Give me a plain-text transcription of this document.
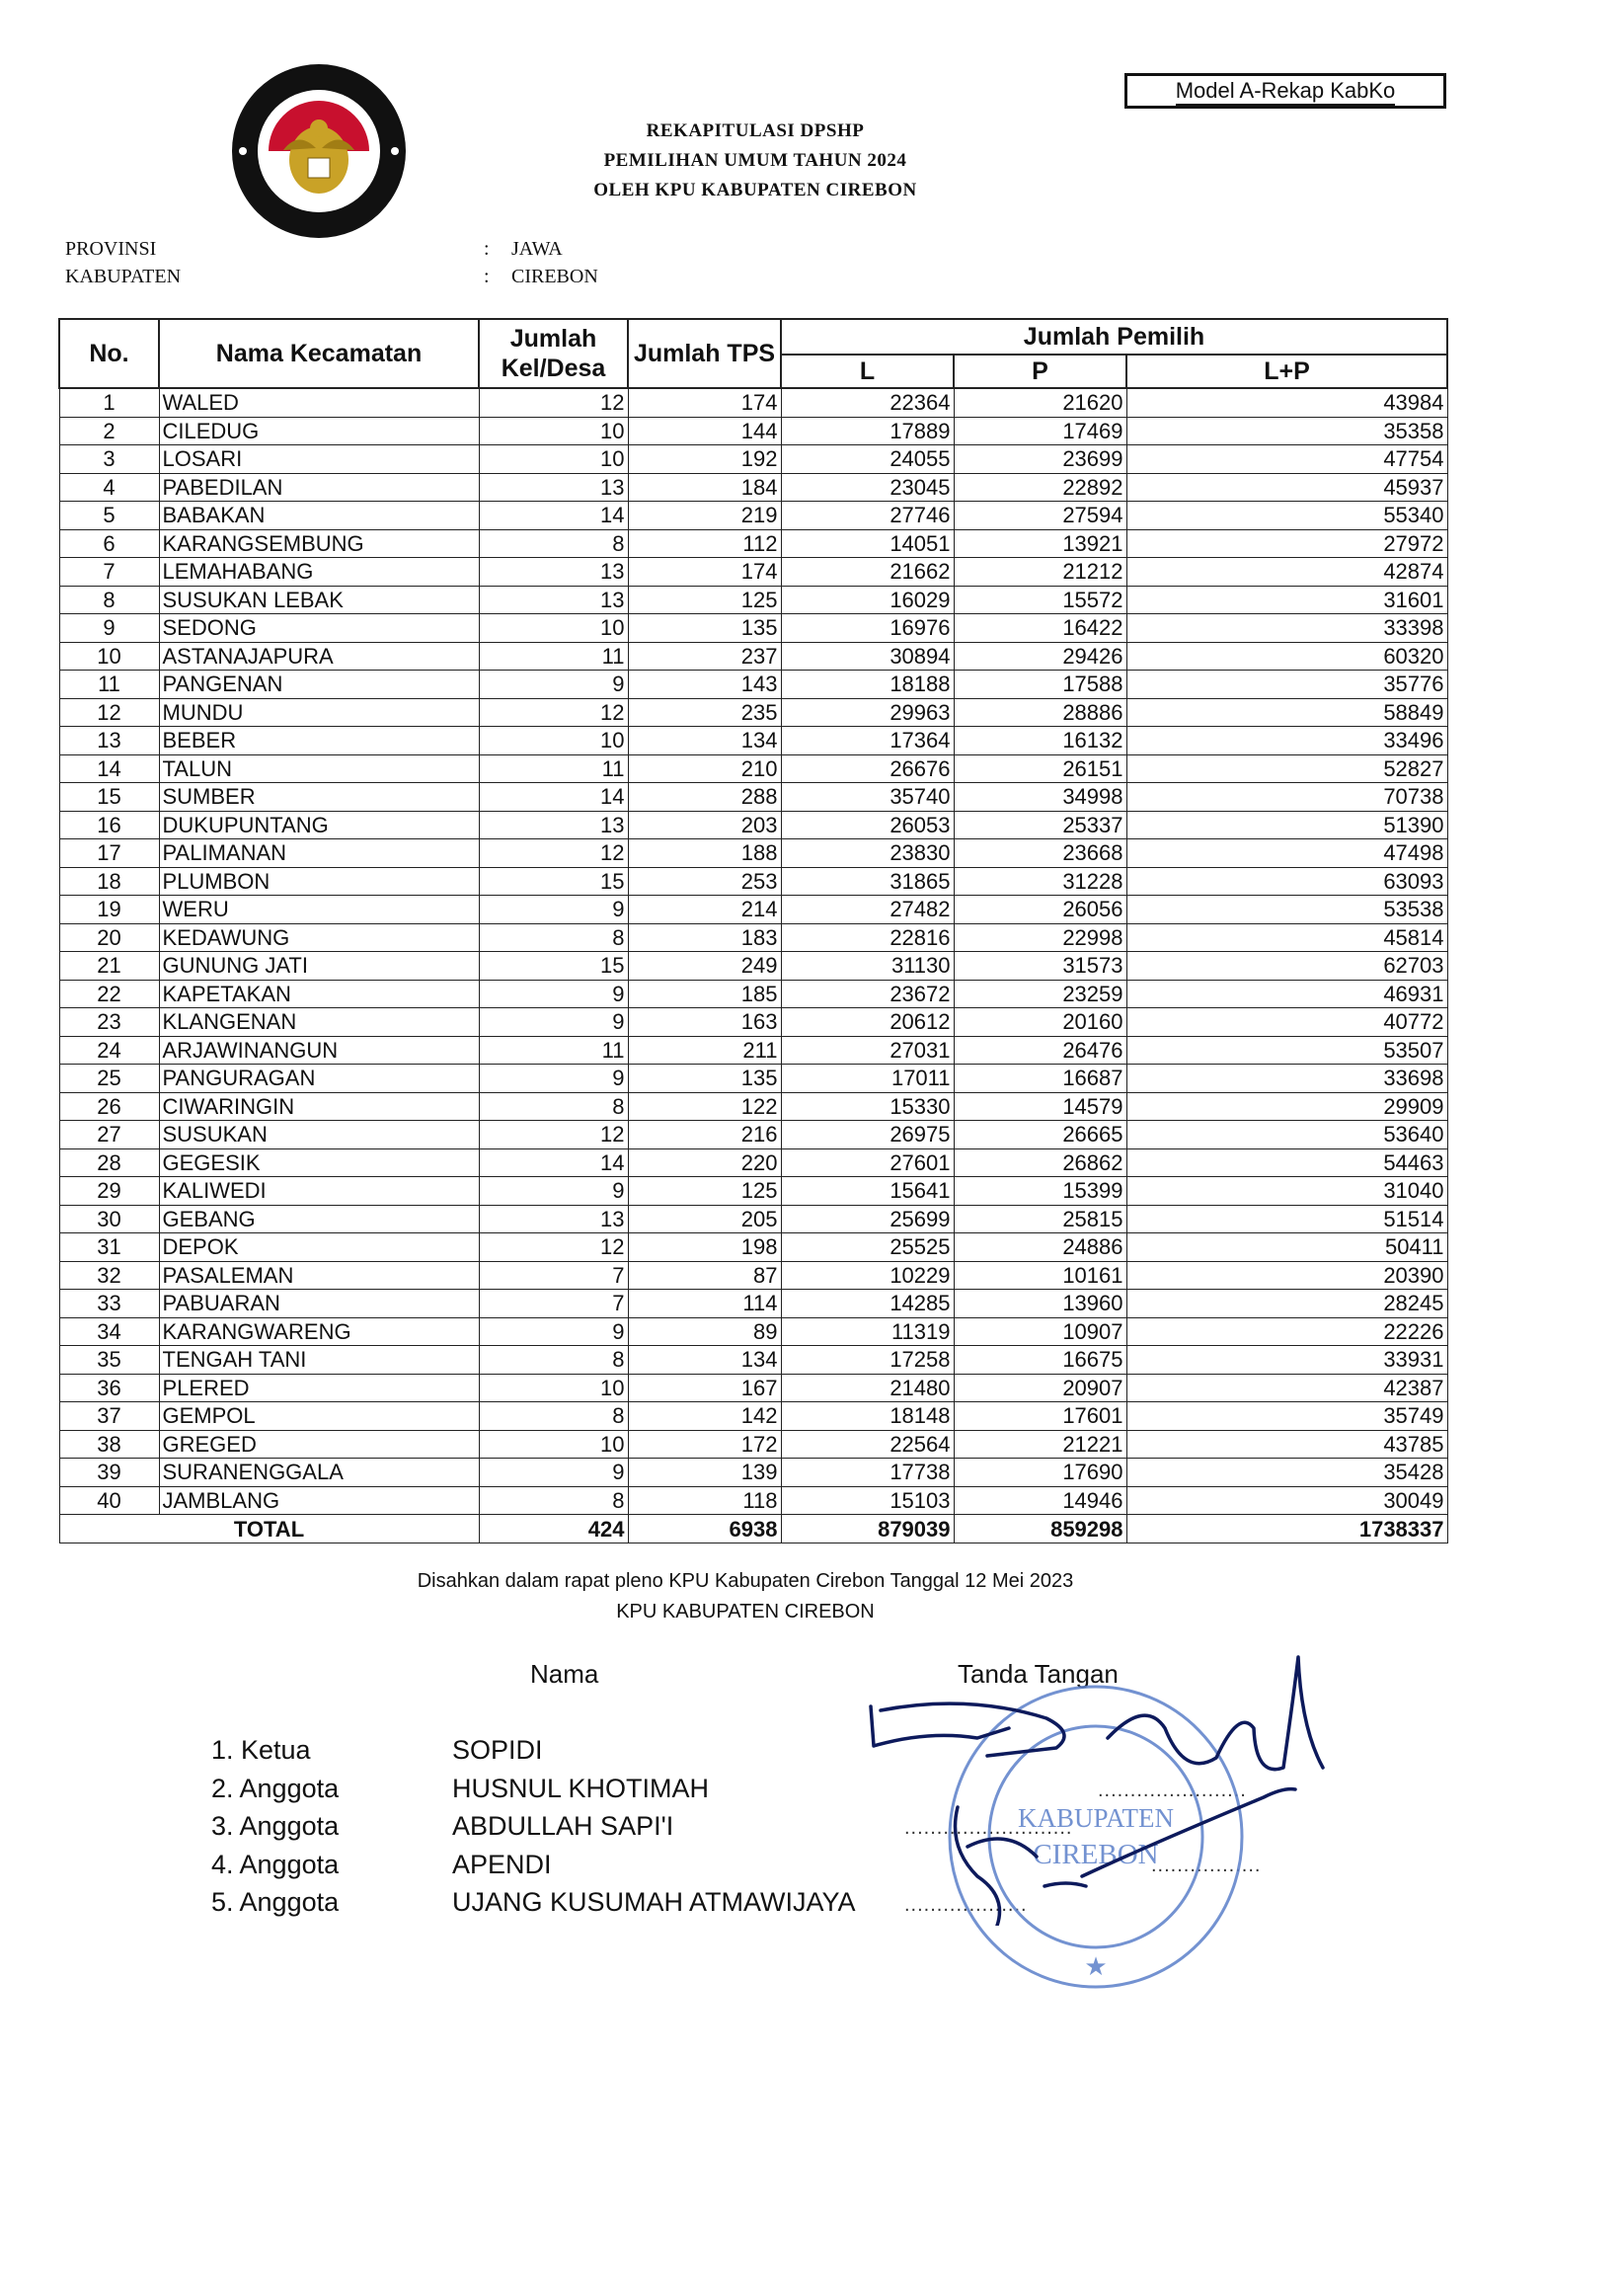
Model A-Rekap KabKo
REKAPITULASI DPSHP
PEMILIHAN UMUM TAHUN 2024
OLEH KPU KABUPATEN CIREBON
PROVINSI
KABUPATEN
: JAWA
: CIREBON
No.	Nama Kecamatan	Jumlah Kel/Desa	Jumlah TPS	Jumlah Pemilih		
				L	P	L+P
1	WALED	12	174	22364	21620	43984
2	CILEDUG	10	144	17889	17469	35358
3	LOSARI	10	192	24055	23699	47754
4	PABEDILAN	13	184	23045	22892	45937
5	BABAKAN	14	219	27746	27594	55340
6	KARANGSEMBUNG	8	112	14051	13921	27972
7	LEMAHABANG	13	174	21662	21212	42874
8	SUSUKAN LEBAK	13	125	16029	15572	31601
9	SEDONG	10	135	16976	16422	33398
10	ASTANAJAPURA	11	237	30894	29426	60320
11	PANGENAN	9	143	18188	17588	35776
12	MUNDU	12	235	29963	28886	58849
13	BEBER	10	134	17364	16132	33496
14	TALUN	11	210	26676	26151	52827
15	SUMBER	14	288	35740	34998	70738
16	DUKUPUNTANG	13	203	26053	25337	51390
17	PALIMANAN	12	188	23830	23668	47498
18	PLUMBON	15	253	31865	31228	63093
19	WERU	9	214	27482	26056	53538
20	KEDAWUNG	8	183	22816	22998	45814
21	GUNUNG JATI	15	249	31130	31573	62703
22	KAPETAKAN	9	185	23672	23259	46931
23	KLANGENAN	9	163	20612	20160	40772
24	ARJAWINANGUN	11	211	27031	26476	53507
25	PANGURAGAN	9	135	17011	16687	33698
26	CIWARINGIN	8	122	15330	14579	29909
27	SUSUKAN	12	216	26975	26665	53640
28	GEGESIK	14	220	27601	26862	54463
29	KALIWEDI	9	125	15641	15399	31040
30	GEBANG	13	205	25699	25815	51514
31	DEPOK	12	198	25525	24886	50411
32	PASALEMAN	7	87	10229	10161	20390
33	PABUARAN	7	114	14285	13960	28245
34	KARANGWARENG	9	89	11319	10907	22226
35	TENGAH TANI	8	134	17258	16675	33931
36	PLERED	10	167	21480	20907	42387
37	GEMPOL	8	142	18148	17601	35749
38	GREGED	10	172	22564	21221	43785
39	SURANENGGALA	9	139	17738	17690	35428
40	JAMBLANG	8	118	15103	14946	30049
TOTAL		424	6938	879039	859298	1738337
Disahkan dalam rapat pleno KPU Kabupaten Cirebon Tanggal 12 Mei 2023
KPU KABUPATEN CIREBON
Nama	Tanda Tangan
1. Ketua	SOPIDI
2. Anggota	HUSNUL KHOTIMAH
3. Anggota	ABDULLAH SAPI'I
4. Anggota	APENDI
5. Anggota	UJANG KUSUMAH ATMAWIJAYA
.......................
..........................
.................
...................
KABUPATEN
CIREBON
★
